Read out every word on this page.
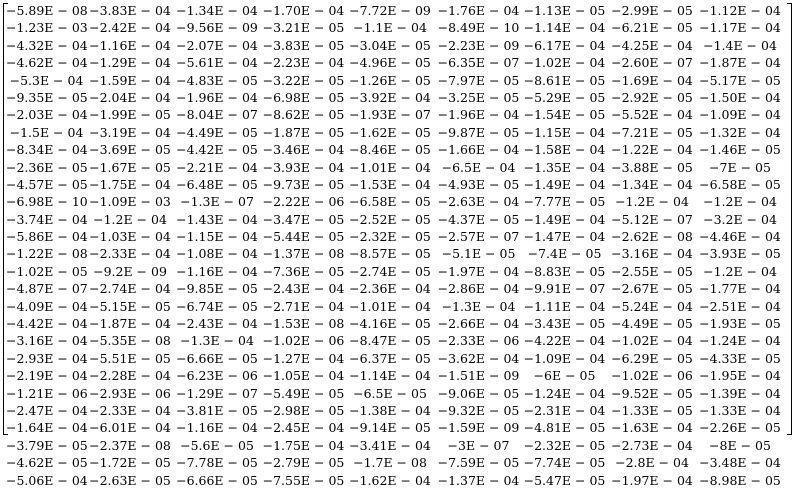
−5.89E − 08 −3.83E − 04 −1.34E − 04 −1.70E − 04 −7.72E − 09 −1.76E − 04 −1.13E − 05 −2.99E − 05 −1.12E − 04
−1.23E − 03 −2.42E − 04 −9.56E − 09 −3.21E − 05 −1.1E − 04 −8.49E − 10 −1.14E − 04 −6.21E − 05 −1.17E − 04
−4.32E − 04 −1.16E − 04 −2.07E − 04 −3.83E − 05 −3.04E − 05 −2.23E − 09 −6.17E − 04 −4.25E − 04 −1.4E − 04
−4.62E − 04 −1.29E − 04 −5.61E − 04 −2.23E − 04 −4.96E − 05 −6.35E − 07 −1.02E − 04 −2.60E − 07 −1.87E − 04
−5.3E − 04 −1.59E − 04 −4.83E − 05 −3.22E − 05 −1.26E − 05 −7.97E − 05 −8.61E − 05 −1.69E − 04 −5.17E − 05
−9.35E − 05 −2.04E − 04 −1.96E − 04 −6.98E − 05 −3.92E − 04 −3.25E − 05 −5.29E − 05 −2.92E − 05 −1.50E − 04
−2.03E − 04 −1.99E − 05 −8.04E − 07 −8.62E − 05 −1.93E − 07 −1.96E − 04 −1.54E − 05 −5.52E − 04 −1.09E − 04
−1.5E − 04 −3.19E − 04 −4.49E − 05 −1.87E − 05 −1.62E − 05 −9.87E − 05 −1.15E − 04 −7.21E − 05 −1.32E − 04
−8.34E − 04 −3.69E − 05 −4.42E − 05 −3.46E − 04 −8.46E − 05 −1.66E − 04 −1.58E − 04 −1.22E − 04 −1.46E − 05
−2.36E − 05 −1.67E − 05 −2.21E − 04 −3.93E − 04 −1.01E − 04 −6.5E − 04 −1.35E − 04 −3.88E − 05	−7E − 05
−4.57E − 05 −1.75E − 04 −6.48E − 05 −9.73E − 05 −1.53E − 04 −4.93E − 05 −1.49E − 04 −1.34E − 04 −6.58E − 05
−6.98E − 10 −1.09E − 03 −1.3E − 07 −2.22E − 06 −6.58E − 05 −2.63E − 04 −7.77E − 05 −1.2E − 04	−1.2E − 04
−3.74E − 04 −1.2E − 04 −1.43E − 04 −3.47E − 05 −2.52E − 05 −4.37E − 05 −1.49E − 04 −5.12E − 07 −3.2E − 04
−5.86E − 04 −1.03E − 04 −1.15E − 04 −5.44E − 05 −2.32E − 05 −2.57E − 07 −1.47E − 04 −2.62E − 08 −4.46E − 04
−1.22E − 08 −2.33E − 04 −1.08E − 04 −1.37E − 08 −8.57E − 05 −5.1E − 05 −7.4E − 05 −3.16E − 04 −3.93E − 05
−1.02E − 05 −9.2E − 09 −1.16E − 04 −7.36E − 05 −2.74E − 05 −1.97E − 04 −8.83E − 05 −2.55E − 05 −1.2E − 04
−4.87E − 07 −2.74E − 04 −9.85E − 05 −2.43E − 04 −2.36E − 04 −2.86E − 04 −9.91E − 07 −2.67E − 05 −1.77E − 04
−4.09E − 04 −5.15E − 05 −6.74E − 05 −2.71E − 04 −1.01E − 04 −1.3E − 04 −1.11E − 04 −5.24E − 04 −2.51E − 04
−4.42E − 04 −1.87E − 04 −2.43E − 04 −1.53E − 08 −4.16E − 05 −2.66E − 04 −3.43E − 05 −4.49E − 05 −1.93E − 05
−3.16E − 04 −5.35E − 08 −1.3E − 04 −1.02E − 06 −8.47E − 05 −2.33E − 06 −4.22E − 04 −1.02E − 04 −1.24E − 04
−2.93E − 04 −5.51E − 05 −6.66E − 05 −1.27E − 04 −6.37E − 05 −3.62E − 04 −1.09E − 04 −6.29E − 05 −4.33E − 05
−2.19E − 04 −2.28E − 04 −6.23E − 06 −1.05E − 04 −1.14E − 04 −1.51E − 09	−6E − 05	−1.02E − 06 −1.95E − 04
−1.21E − 06 −2.93E − 06 −1.29E − 07 −5.49E − 05 −6.5E − 05 −9.06E − 05 −1.24E − 04 −9.52E − 05 −1.39E − 04
−2.47E − 04 −2.33E − 04 −3.81E − 05 −2.98E − 05 −1.38E − 04 −9.32E − 05 −2.31E − 04 −1.33E − 05 −1.33E − 04
−1.64E − 04 −6.01E − 04 −1.16E − 04 −2.45E − 04 −9.14E − 05 −1.59E − 09 −4.81E − 05 −1.63E − 04 −2.26E − 05
−3.79E − 05 −2.37E − 08 −5.6E − 05 −1.75E − 04 −3.41E − 04	−3E − 07	−2.32E − 05 −2.73E − 04	−8E − 05
−4.62E − 05 −1.72E − 05 −7.78E − 05 −2.79E − 05 −1.7E − 08 −7.59E − 05 −7.74E − 05 −2.8E − 04 −3.48E − 04
−5.06E − 04 −2.63E − 05 −6.66E − 05 −7.55E − 05 −1.62E − 04 −1.37E − 04 −5.47E − 05 −1.97E − 04 −8.98E − 05
